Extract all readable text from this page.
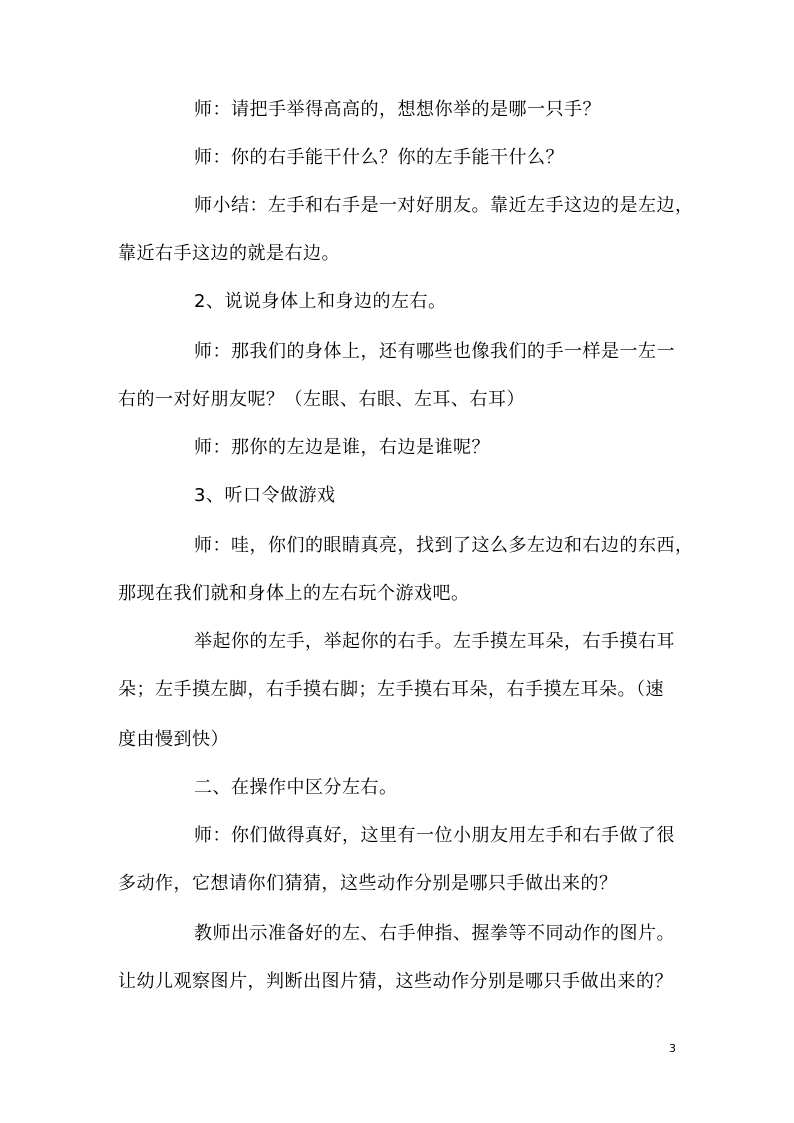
师：请把手举得高高的，想想你举的是哪一只手？
师：你的右手能干什么？你的左手能干什么？
师小结：左手和右手是一对好朋友。靠近左手这边的是左边，
靠近右手这边的就是右边。
2、说说身体上和身边的左右。
师：那我们的身体上，还有哪些也像我们的手一样是一左一
右的一对好朋友呢？（左眼、右眼、左耳、右耳）
师：那你的左边是谁，右边是谁呢？
3、听口令做游戏
师：哇，你们的眼睛真亮，找到了这么多左边和右边的东西，
那现在我们就和身体上的左右玩个游戏吧。
举起你的左手，举起你的右手。左手摸左耳朵，右手摸右耳
朵；左手摸左脚，右手摸右脚；左手摸右耳朵，右手摸左耳朵。（速
度由慢到快）
二、在操作中区分左右。
师：你们做得真好，这里有一位小朋友用左手和右手做了很
多动作，它想请你们猜猜，这些动作分别是哪只手做出来的？
教师出示准备好的左、右手伸指、握拳等不同动作的图片。
让幼儿观察图片，判断出图片猜，这些动作分别是哪只手做出来的？
3
